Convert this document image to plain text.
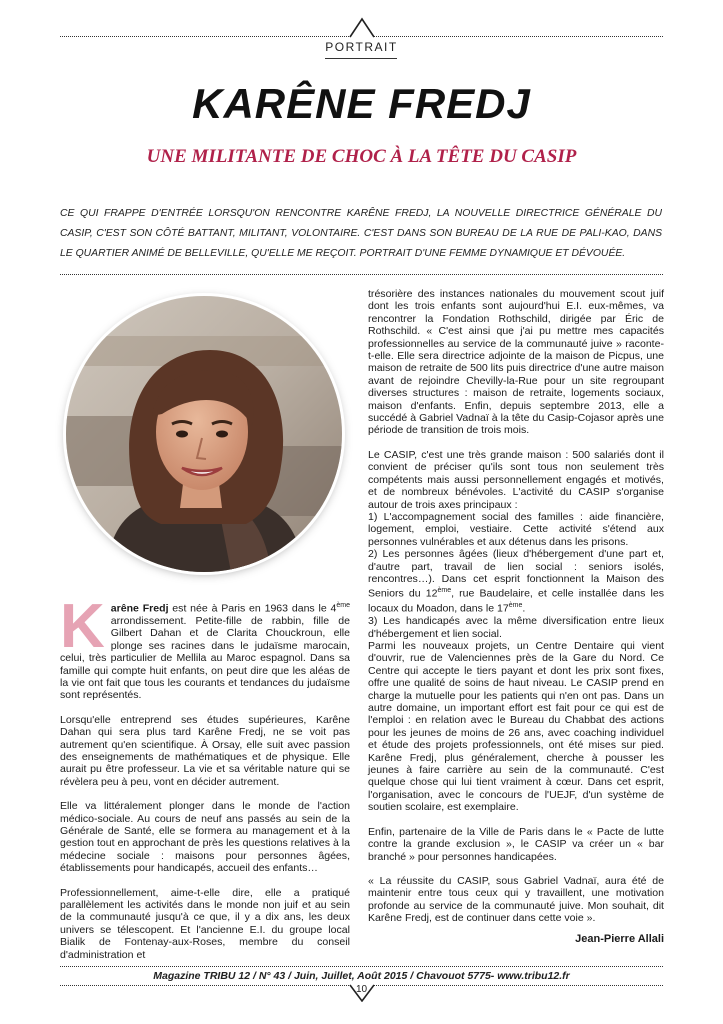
PORTRAIT
KARÊNE FREDJ
UNE MILITANTE DE CHOC À LA TÊTE DU CASIP
CE QUI FRAPPE D'ENTRÉE LORSQU'ON RENCONTRE KARÊNE FREDJ, LA NOUVELLE DIRECTRICE GÉNÉRALE DU CASIP, C'EST SON CÔTÉ BATTANT, MILITANT, VOLONTAIRE. C'EST DANS SON BUREAU DE LA RUE DE PALI-KAO, DANS LE QUARTIER ANIMÉ DE BELLEVILLE, QU'ELLE ME REÇOIT. PORTRAIT D'UNE FEMME DYNAMIQUE ET DÉVOUÉE.

Karêne Fredj est née à Paris en 1963 dans le 4ème arrondissement. Petite-fille de rabbin, fille de Gilbert Dahan et de Clarita Chouckroun, elle plonge ses racines dans le judaïsme marocain, celui, très particulier de Mellila au Maroc espagnol. Dans sa famille qui compte huit enfants, on peut dire que les aléas de la vie ont fait que tous les courants et tendances du judaïsme sont représentés.

Lorsqu'elle entreprend ses études supérieures, Karêne Dahan qui sera plus tard Karêne Fredj, ne se voit pas autrement qu'en scientifique. À Orsay, elle suit avec passion des enseignements de mathématiques et de physique. Elle aurait pu être professeur. La vie et sa véritable nature qui se révèlera peu à peu, vont en décider autrement.

Elle va littéralement plonger dans le monde de l'action médico-sociale. Au cours de neuf ans passés au sein de la Générale de Santé, elle se formera au management et à la gestion tout en approchant de près les questions relatives à la médecine sociale : maisons pour personnes âgées, établissements pour handicapés, accueil des enfants…

Professionnellement, aime-t-elle dire, elle a pratiqué parallèlement les activités dans le monde non juif et au sein de la communauté jusqu'à ce que, il y a dix ans, les deux univers se télescopent. Et l'ancienne E.I. du groupe local Bialik de Fontenay-aux-Roses, membre du conseil d'administration et

trésorière des instances nationales du mouvement scout juif dont les trois enfants sont aujourd'hui E.I. eux-mêmes, va rencontrer la Fondation Rothschild, dirigée par Éric de Rothschild. « C'est ainsi que j'ai pu mettre mes capacités professionnelles au service de la communauté juive » raconte-t-elle. Elle sera directrice adjointe de la maison de Picpus, une maison de retraite de 500 lits puis directrice d'une autre maison avant de rejoindre Chevilly-la-Rue pour un site regroupant diverses structures : maison de retraite, logements sociaux, maison d'enfants. Enfin, depuis septembre 2013, elle a succédé à Gabriel Vadnaï à la tête du Casip-Cojasor après une période de transition de trois mois.

Le CASIP, c'est une très grande maison : 500 salariés dont il convient de préciser qu'ils sont tous non seulement très compétents mais aussi personnellement engagés et motivés, et de nombreux bénévoles. L'activité du CASIP s'organise autour de trois axes principaux :

1) L'accompagnement social des familles : aide financière, logement, emploi, vestiaire. Cette activité s'étend aux personnes vulnérables et aux détenus dans les prisons.

2) Les personnes âgées (lieux d'hébergement d'une part et, d'autre part, travail de lien social : seniors isolés, rencontres…). Dans cet esprit fonctionnent la Maison des Seniors du 12ème, rue Baudelaire, et celle installée dans les locaux du Moadon, dans le 17ème.

3) Les handicapés avec la même diversification entre lieux d'hébergement et lien social.

Parmi les nouveaux projets, un Centre Dentaire qui vient d'ouvrir, rue de Valenciennes près de la Gare du Nord. Ce Centre qui accepte le tiers payant et dont les prix sont fixes, offre une qualité de soins de haut niveau. Le CASIP prend en charge la mutuelle pour les patients qui n'en ont pas. Dans un autre domaine, un important effort est fait pour ce qui est de l'emploi : en relation avec le Bureau du Chabbat des actions pour les jeunes de moins de 26 ans, avec coaching individuel et étude des projets professionnels, ont été mises sur pied. Karêne Fredj, plus généralement, cherche à pousser les jeunes à faire carrière au sein de la communauté. C'est quelque chose qui lui tient vraiment à cœur. Dans cet esprit, l'organisation, avec le concours de l'UEJF, d'un système de soutien scolaire, est exemplaire.

Enfin, partenaire de la Ville de Paris dans le « Pacte de lutte contre la grande exclusion », le CASIP va créer un « bar branché » pour personnes handicapées.

« La réussite du CASIP, sous Gabriel Vadnaï, aura été de maintenir entre tous ceux qui y travaillent, une motivation profonde au service de la communauté juive. Mon souhait, dit Karêne Fredj, est de continuer dans cette voie ».

Jean-Pierre Allali
Magazine TRIBU 12 / N° 43 / Juin, Juillet, Août 2015 / Chavouot 5775- www.tribu12.fr
10
